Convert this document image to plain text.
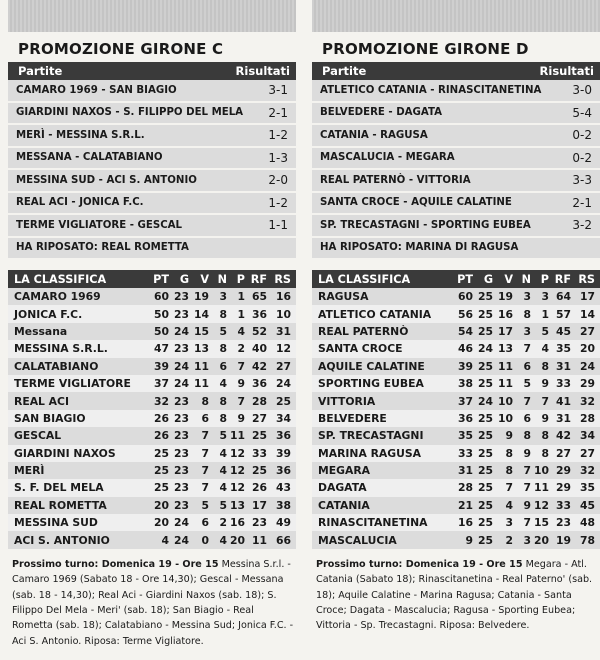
PROMOZIONE GIRONE C
Partite	Risultati
CAMARO 1969 - SAN BIAGIO	3-1
GIARDINI NAXOS - S. FILIPPO DEL MELA 2-1
MERÌ - MESSINA S.R.L.	1-2
MESSANA - CALATABIANO	1-3
MESSINA SUD - ACI S. ANTONIO	2-0
REAL ACI - JONICA F.C.	1-2
TERME VIGLIATORE - GESCAL	1-1
HA RIPOSATO: REAL ROMETTA
LA CLASSIFICA	PT	G	V	N	P	RF	RS
CAMARO 1969	60	23	19	3	1	65	16
JONICA F.C.	50	23	14	8	1	36	10
Messana	50	24	15	5	4	52	31
MESSINA S.R.L.	47	23	13	8	2	40	12
CALATABIANO	39	24	11	6	7	42	27
TERME VIGLIATORE	37	24	11	4	9	36	24
REAL ACI	32	23	8	8	7	28	25
SAN BIAGIO	26	23	6	8	9	27	34
GESCAL	26	23	7	5	11	25	36
GIARDINI NAXOS	25	23	7	4	12	33	39
MERÌ	25	23	7	4	12	25	36
S. F. DEL MELA	25	23	7	4	12	26	43
REAL ROMETTA	20	23	5	5	13	17	38
MESSINA SUD	20	24	6	2	16	23	49
ACI S. ANTONIO	4	24	0	4	20	11	66
Prossimo turno: Domenica 19 - Ore 15 Messina S.r.l. - Camaro 1969 (Sabato 18 - Ore 14,30); Gescal - Messana (sab. 18 - 14,30); Real Aci - Giardini Naxos (sab. 18); S. Filippo Del Mela - Meri' (sab. 18); San Biagio - Real Rometta (sab. 18); Calatabiano - Messina Sud; Jonica F.C. - Aci S. Antonio. Riposa: Terme Vigliatore.
PROMOZIONE GIRONE D
Partite	Risultati
ATLETICO CATANIA - RINASCITANETINA	3-0
BELVEDERE - DAGATA	5-4
CATANIA - RAGUSA	0-2
MASCALUCIA - MEGARA	0-2
REAL PATERNÒ - VITTORIA	3-3
SANTA CROCE - AQUILE CALATINE	2-1
SP. TRECASTAGNI - SPORTING EUBEA	3-2
HA RIPOSATO: MARINA DI RAGUSA
LA CLASSIFICA	PT	G	V	N	P	RF	RS
RAGUSA	60	25	19	3	3	64	17
ATLETICO CATANIA	56	25	16	8	1	57	14
REAL PATERNÒ	54	25	17	3	5	45	27
SANTA CROCE	46	24	13	7	4	35	20
AQUILE CALATINE	39	25	11	6	8	31	24
SPORTING EUBEA	38	25	11	5	9	33	29
VITTORIA	37	24	10	7	7	41	32
BELVEDERE	36	25	10	6	9	31	28
SP. TRECASTAGNI	35	25	9	8	8	42	34
MARINA RAGUSA	33	25	8	9	8	27	27
MEGARA	31	25	8	7	10	29	32
DAGATA	28	25	7	7	11	29	35
CATANIA	21	25	4	9	12	33	45
RINASCITANETINA	16	25	3	7	15	23	48
MASCALUCIA	9	25	2	3	20	19	78
Prossimo turno: Domenica 19 - Ore 15 Megara - Atl. Catania (Sabato 18); Rinascitanetina - Real Paterno' (sab. 18); Aquile Calatine - Marina Ragusa; Catania - Santa Croce; Dagata - Mascalucia; Ragusa - Sporting Eubea; Vittoria - Sp. Trecastagni. Riposa: Belvedere.
